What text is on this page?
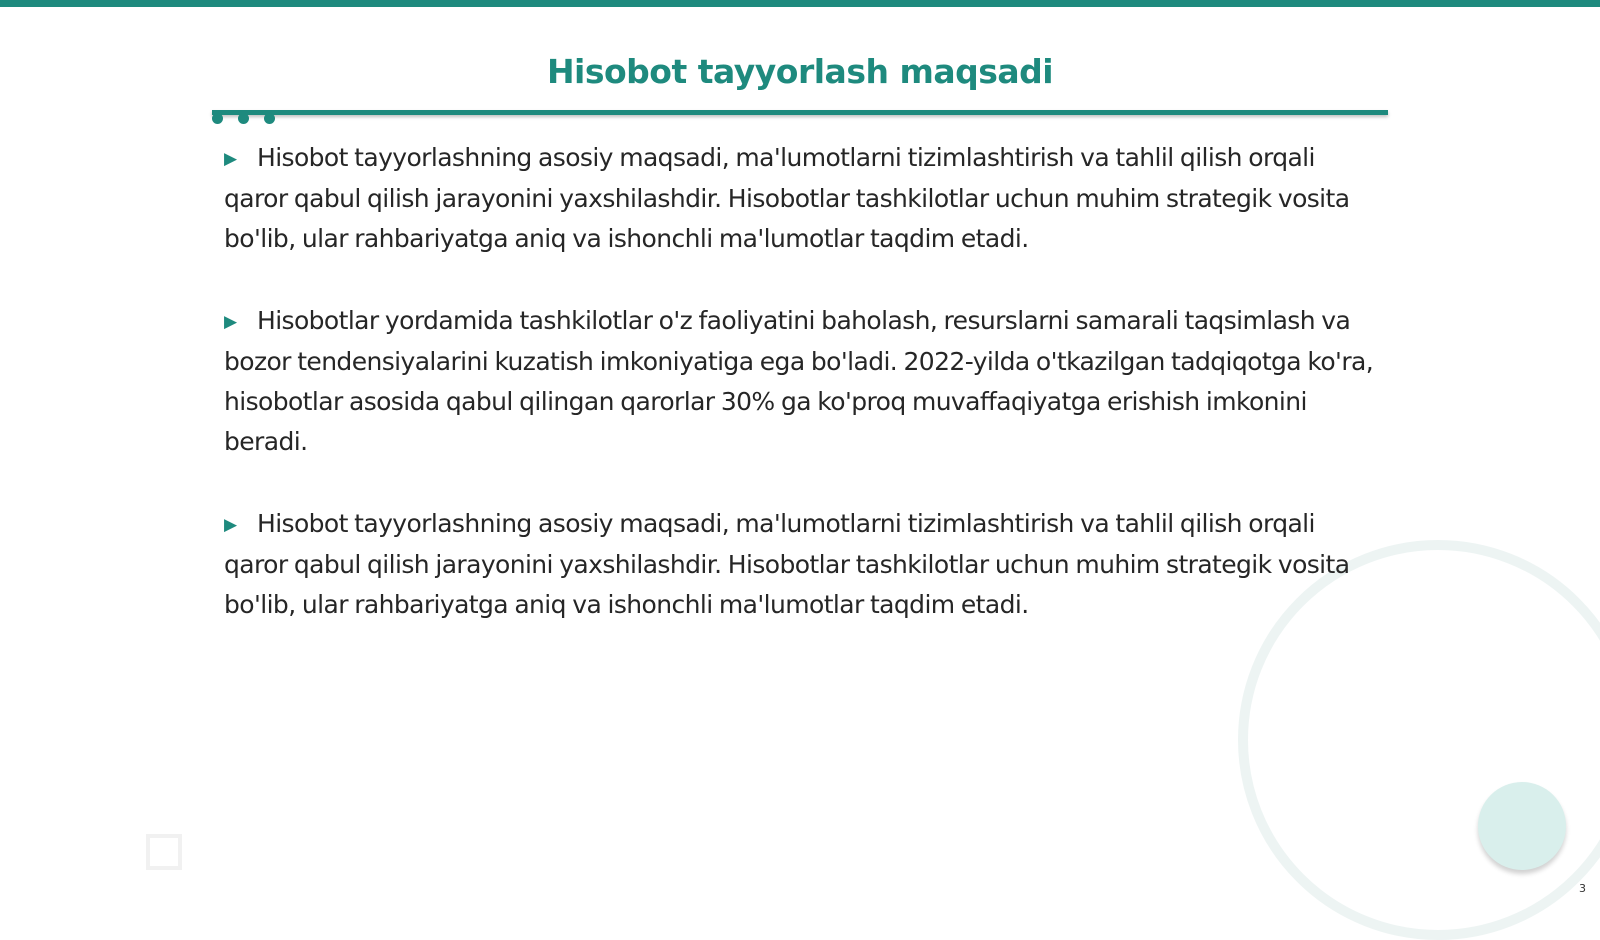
Hisobot tayyorlash maqsadi

▶ Hisobot tayyorlashning asosiy maqsadi, ma'lumotlarni tizimlashtirish va tahlil qilish orqali qaror qabul qilish jarayonini yaxshilashdir. Hisobotlar tashkilotlar uchun muhim strategik vosita bo'lib, ular rahbariyatga aniq va ishonchli ma'lumotlar taqdim etadi.

▶ Hisobotlar yordamida tashkilotlar o'z faoliyatini baholash, resurslarni samarali taqsimlash va bozor tendensiyalarini kuzatish imkoniyatiga ega bo'ladi. 2022-yilda o'tkazilgan tadqiqotga ko'ra, hisobotlar asosida qabul qilingan qarorlar 30% ga ko'proq muvaffaqiyatga erishish imkonini beradi.

▶ Hisobot tayyorlashning asosiy maqsadi, ma'lumotlarni tizimlashtirish va tahlil qilish orqali qaror qabul qilish jarayonini yaxshilashdir. Hisobotlar tashkilotlar uchun muhim strategik vosita bo'lib, ular rahbariyatga aniq va ishonchli ma'lumotlar taqdim etadi.

3
